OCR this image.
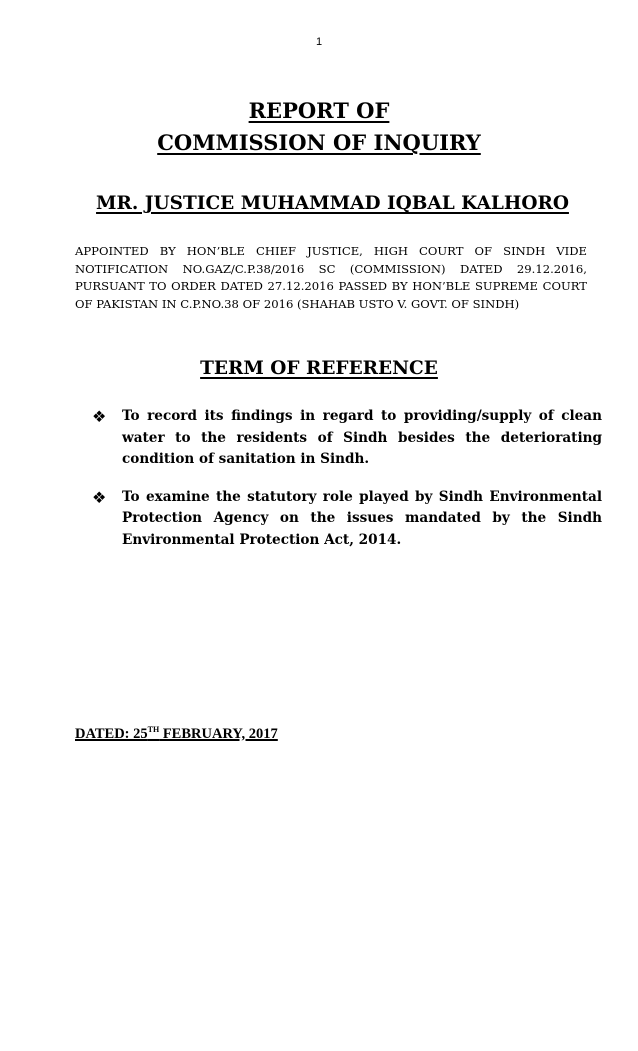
1
REPORT OF
COMMISSION OF INQUIRY
MR. JUSTICE MUHAMMAD IQBAL KALHORO

APPOINTED BY HON’BLE CHIEF JUSTICE, HIGH COURT OF SINDH VIDE NOTIFICATION NO.GAZ/C.P.38/2016 SC (COMMISSION) DATED 29.12.2016, PURSUANT TO ORDER DATED 27.12.2016 PASSED BY HON’BLE SUPREME COURT OF PAKISTAN IN C.P.NO.38 OF 2016 (SHAHAB USTO V. GOVT. OF SINDH)

TERM OF REFERENCE
❖ To record its findings in regard to providing/supply of clean water to the residents of Sindh besides the deteriorating condition of sanitation in Sindh.
❖ To examine the statutory role played by Sindh Environmental Protection Agency on the issues mandated by the Sindh Environmental Protection Act, 2014.
DATED: 25TH FEBRUARY, 2017
